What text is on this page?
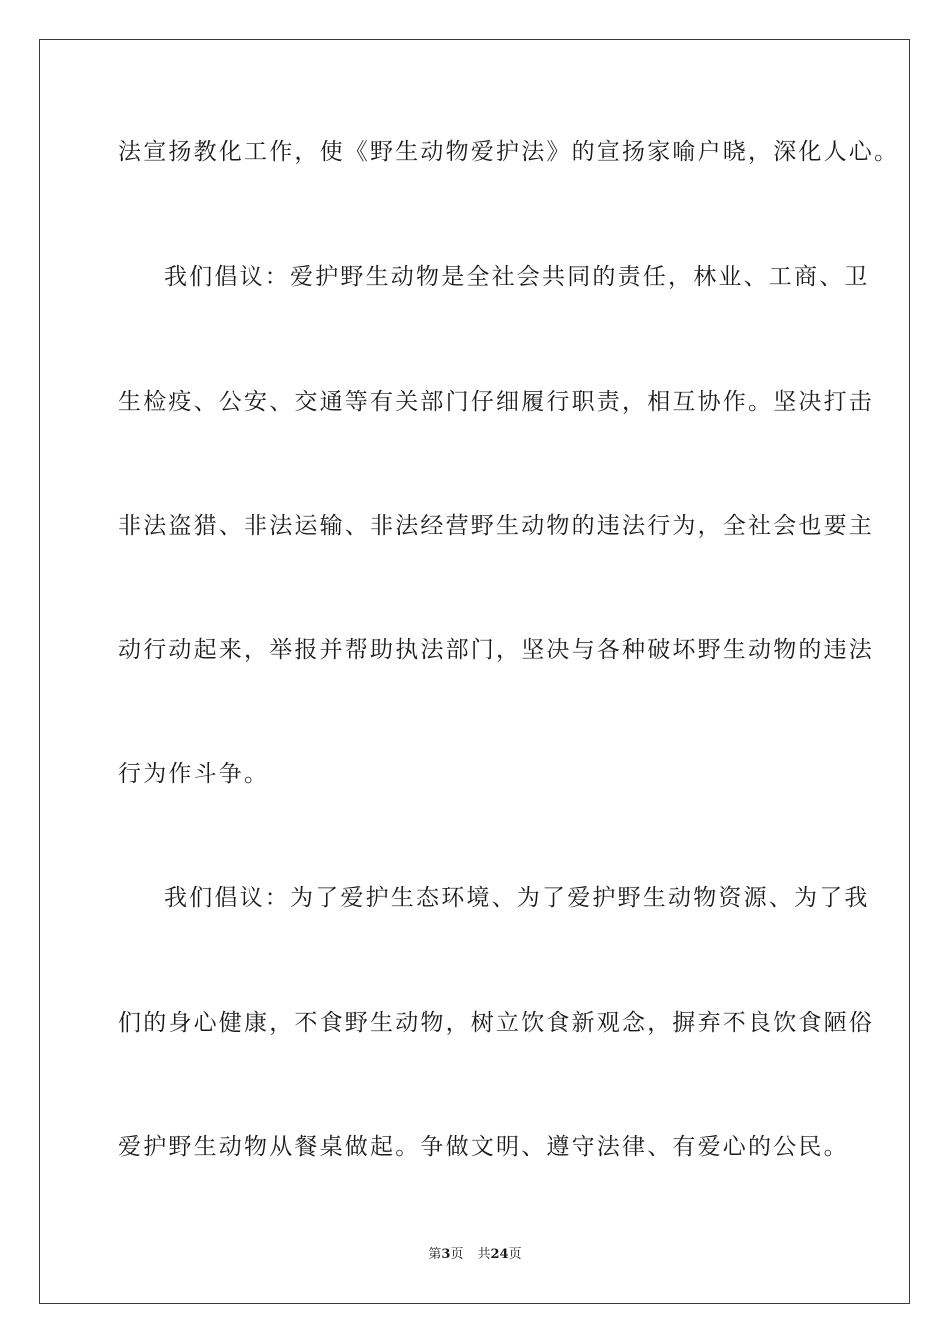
法宣扬教化工作，使《野生动物爱护法》的宣扬家喻户晓，深化人心。
我们倡议：爱护野生动物是全社会共同的责任，林业、工商、卫
生检疫、公安、交通等有关部门仔细履行职责，相互协作。坚决打击
非法盗猎、非法运输、非法经营野生动物的违法行为，全社会也要主
动行动起来，举报并帮助执法部门，坚决与各种破坏野生动物的违法
行为作斗争。
我们倡议：为了爱护生态环境、为了爱护野生动物资源、为了我
们的身心健康，不食野生动物，树立饮食新观念，摒弃不良饮食陋俗
爱护野生动物从餐桌做起。争做文明、遵守法律、有爱心的公民。
第3页 共24页
